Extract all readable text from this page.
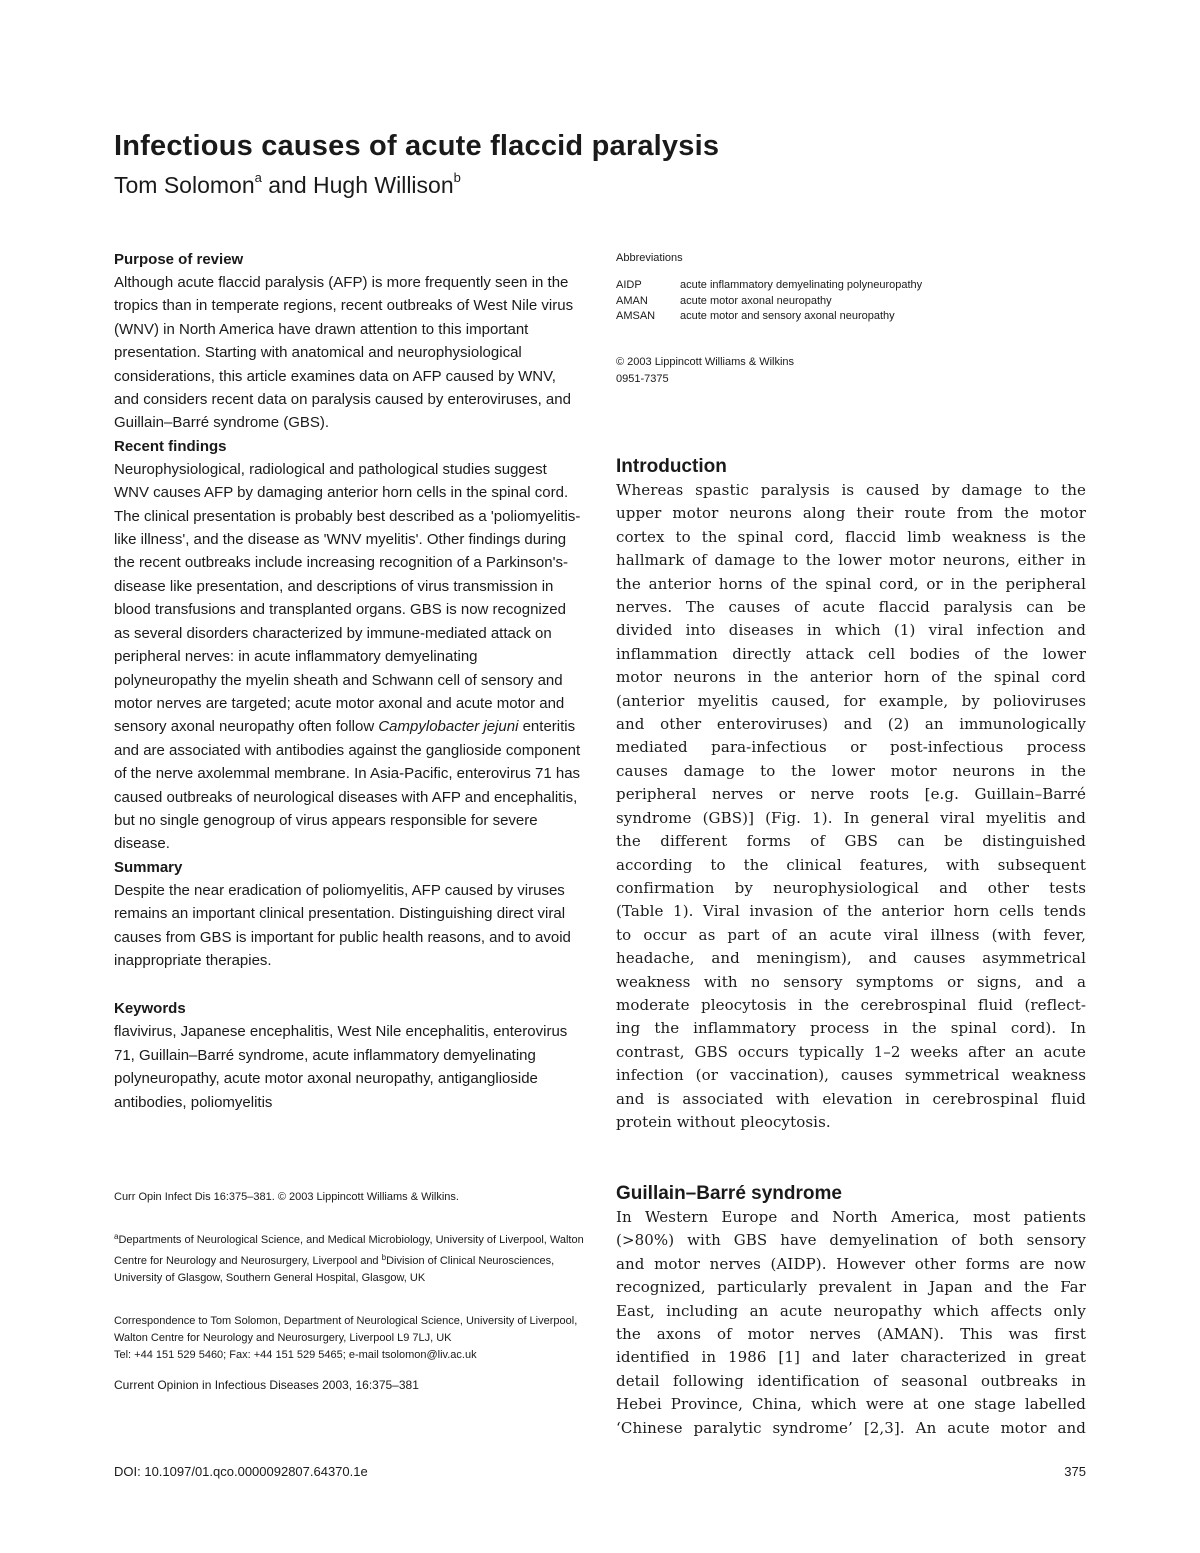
Infectious causes of acute flaccid paralysis
Tom Solomon$^a$ and Hugh Willison$^b$
Purpose of review

Although acute flaccid paralysis (AFP) is more frequently seen in the tropics than in temperate regions, recent outbreaks of West Nile virus (WNV) in North America have drawn attention to this important presentation. Starting with anatomical and neurophysiological considerations, this article examines data on AFP caused by WNV, and considers recent data on paralysis caused by enteroviruses, and Guillain–Barré syndrome (GBS).

Recent findings

Neurophysiological, radiological and pathological studies suggest WNV causes AFP by damaging anterior horn cells in the spinal cord. The clinical presentation is probably best described as a 'poliomyelitis-like illness', and the disease as 'WNV myelitis'. Other findings during the recent outbreaks include increasing recognition of a Parkinson's-disease like presentation, and descriptions of virus transmission in blood transfusions and transplanted organs. GBS is now recognized as several disorders characterized by immune-mediated attack on peripheral nerves: in acute inflammatory demyelinating polyneuropathy the myelin sheath and Schwann cell of sensory and motor nerves are targeted; acute motor axonal and acute motor and sensory axonal neuropathy often follow Campylobacter jejuni enteritis and are associated with antibodies against the ganglioside component of the nerve axolemmal membrane. In Asia-Pacific, enterovirus 71 has caused outbreaks of neurological diseases with AFP and encephalitis, but no single genogroup of virus appears responsible for severe disease.

Summary

Despite the near eradication of poliomyelitis, AFP caused by viruses remains an important clinical presentation. Distinguishing direct viral causes from GBS is important for public health reasons, and to avoid inappropriate therapies.

Keywords

flavivirus, Japanese encephalitis, West Nile encephalitis, enterovirus 71, Guillain–Barré syndrome, acute inflammatory demyelinating polyneuropathy, acute motor axonal neuropathy, antiganglioside antibodies, poliomyelitis

Curr Opin Infect Dis 16:375–381. © 2003 Lippincott Williams & Wilkins.
$^a$Departments of Neurological Science, and Medical Microbiology, University of Liverpool, Walton Centre for Neurology and Neurosurgery, Liverpool and $^b$Division of Clinical Neurosciences, University of Glasgow, Southern General Hospital, Glasgow, UK
Correspondence to Tom Solomon, Department of Neurological Science, University of Liverpool, Walton Centre for Neurology and Neurosurgery, Liverpool L9 7LJ, UK
Tel: +44 151 529 5460; Fax: +44 151 529 5465; e-mail tsolomon@liv.ac.uk
Current Opinion in Infectious Diseases 2003, 16:375–381
Abbreviations
AIDP	acute inflammatory demyelinating polyneuropathy
AMAN	acute motor axonal neuropathy
AMSAN	acute motor and sensory axonal neuropathy
© 2003 Lippincott Williams & Wilkins
0951-7375
Introduction
Whereas spastic paralysis is caused by damage to the
upper motor neurons along their route from the motor
cortex to the spinal cord, flaccid limb weakness is the
hallmark of damage to the lower motor neurons, either in
the anterior horns of the spinal cord, or in the peripheral
nerves. The causes of acute flaccid paralysis can be
divided into diseases in which (1) viral infection and
inflammation directly attack cell bodies of the lower
motor neurons in the anterior horn of the spinal cord
(anterior myelitis caused, for example, by polioviruses
and other enteroviruses) and (2) an immunologically
mediated para-infectious or post-infectious process
causes damage to the lower motor neurons in the
peripheral nerves or nerve roots [e.g. Guillain–Barré
syndrome (GBS)] (Fig. 1). In general viral myelitis and
the different forms of GBS can be distinguished
according to the clinical features, with subsequent
confirmation by neurophysiological and other tests
(Table 1). Viral invasion of the anterior horn cells tends
to occur as part of an acute viral illness (with fever,
headache, and meningism), and causes asymmetrical
weakness with no sensory symptoms or signs, and a
moderate pleocytosis in the cerebrospinal fluid (reflect-
ing the inflammatory process in the spinal cord). In
contrast, GBS occurs typically 1–2 weeks after an acute
infection (or vaccination), causes symmetrical weakness
and is associated with elevation in cerebrospinal fluid
protein without pleocytosis.
Guillain–Barré syndrome
In Western Europe and North America, most patients
(>80%) with GBS have demyelination of both sensory
and motor nerves (AIDP). However other forms are now
recognized, particularly prevalent in Japan and the Far
East, including an acute neuropathy which affects only
the axons of motor nerves (AMAN). This was first
identified in 1986 [1] and later characterized in great
detail following identification of seasonal outbreaks in
Hebei Province, China, which were at one stage labelled
‘Chinese paralytic syndrome’ [2,3]. An acute motor and
DOI: 10.1097/01.qco.0000092807.64370.1e	375
